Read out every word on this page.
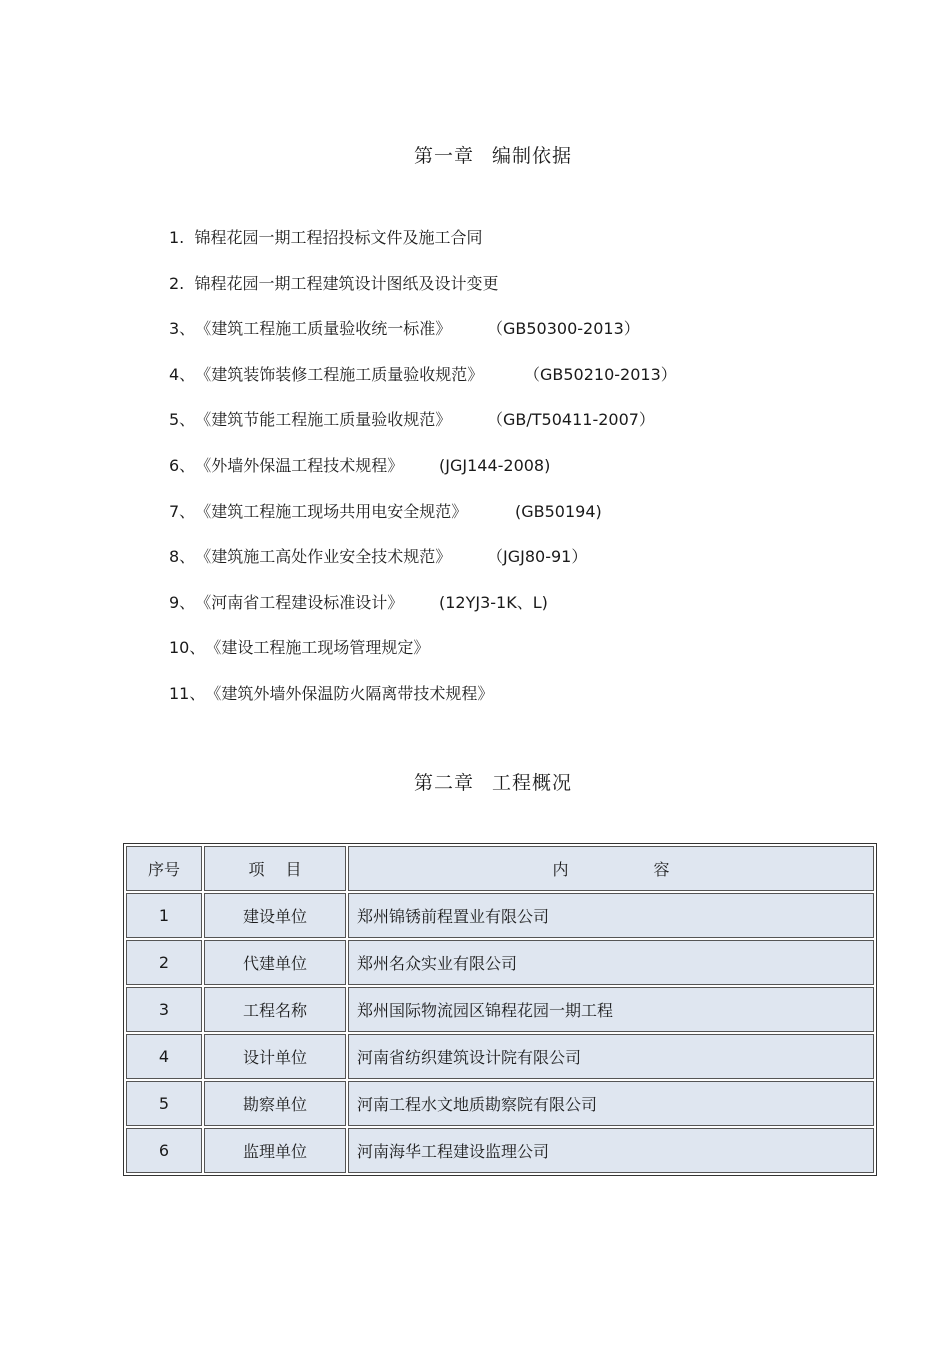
第一章 编制依据
1. 锦程花园一期工程招投标文件及施工合同
2. 锦程花园一期工程建筑设计图纸及设计变更
3、《建筑工程施工质量验收统一标准》 （GB50300-2013）
4、《建筑装饰装修工程施工质量验收规范》	（GB50210-2013）
5、《建筑节能工程施工质量验收规范》 （GB/T50411-2007）
6、《外墙外保温工程技术规程》 (JGJ144-2008)
7、《建筑工程施工现场共用电安全规范》	(GB50194)
8、《建筑施工高处作业安全技术规范》 （JGJ80-91）
9、《河南省工程建设标准设计》 (12YJ3-1K、L)
10、《建设工程施工现场管理规定》
11、《建筑外墙外保温防火隔离带技术规程》
第二章 工程概况
序号	项 目	内 容
1	建设单位	郑州锦锈前程置业有限公司
2	代建单位	郑州名众实业有限公司
3	工程名称	郑州国际物流园区锦程花园一期工程
4	设计单位	河南省纺织建筑设计院有限公司
5	勘察单位	河南工程水文地质勘察院有限公司
6	监理单位	河南海华工程建设监理公司
